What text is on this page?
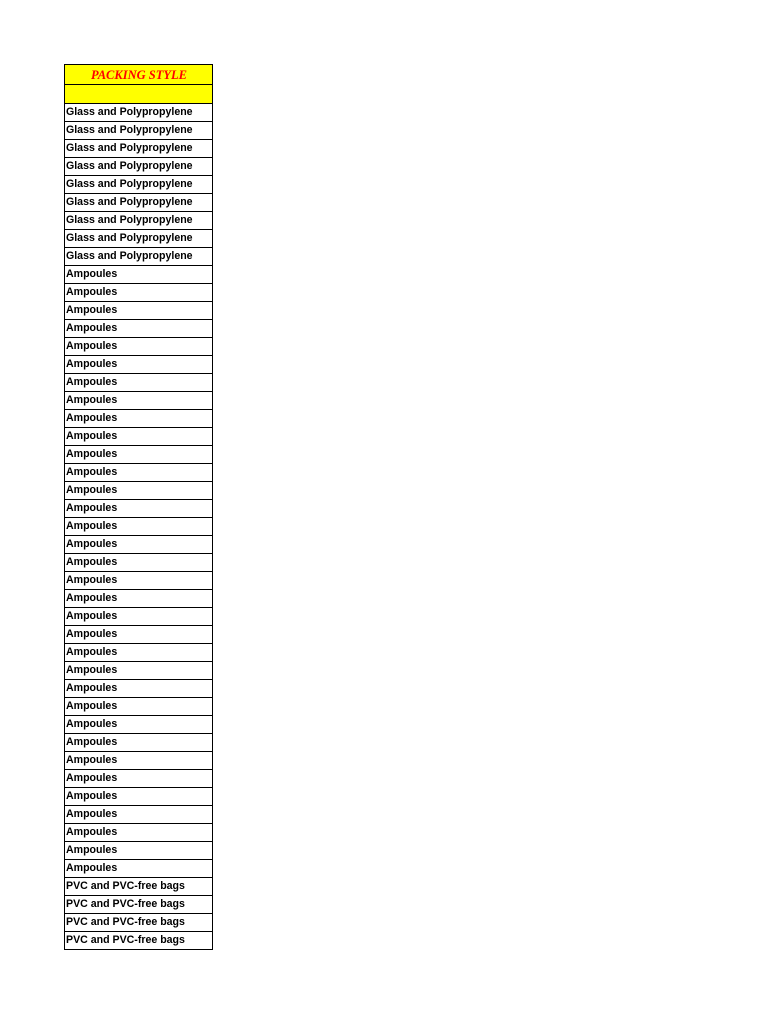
PACKING STYLE

Glass and Polypropylene
Glass and Polypropylene
Glass and Polypropylene
Glass and Polypropylene
Glass and Polypropylene
Glass and Polypropylene
Glass and Polypropylene
Glass and Polypropylene
Glass and Polypropylene
Ampoules
Ampoules
Ampoules
Ampoules
Ampoules
Ampoules
Ampoules
Ampoules
Ampoules
Ampoules
Ampoules
Ampoules
Ampoules
Ampoules
Ampoules
Ampoules
Ampoules
Ampoules
Ampoules
Ampoules
Ampoules
Ampoules
Ampoules
Ampoules
Ampoules
Ampoules
Ampoules
Ampoules
Ampoules
Ampoules
Ampoules
Ampoules
Ampoules
Ampoules
PVC and PVC-free bags
PVC and PVC-free bags
PVC and PVC-free bags
PVC and PVC-free bags
